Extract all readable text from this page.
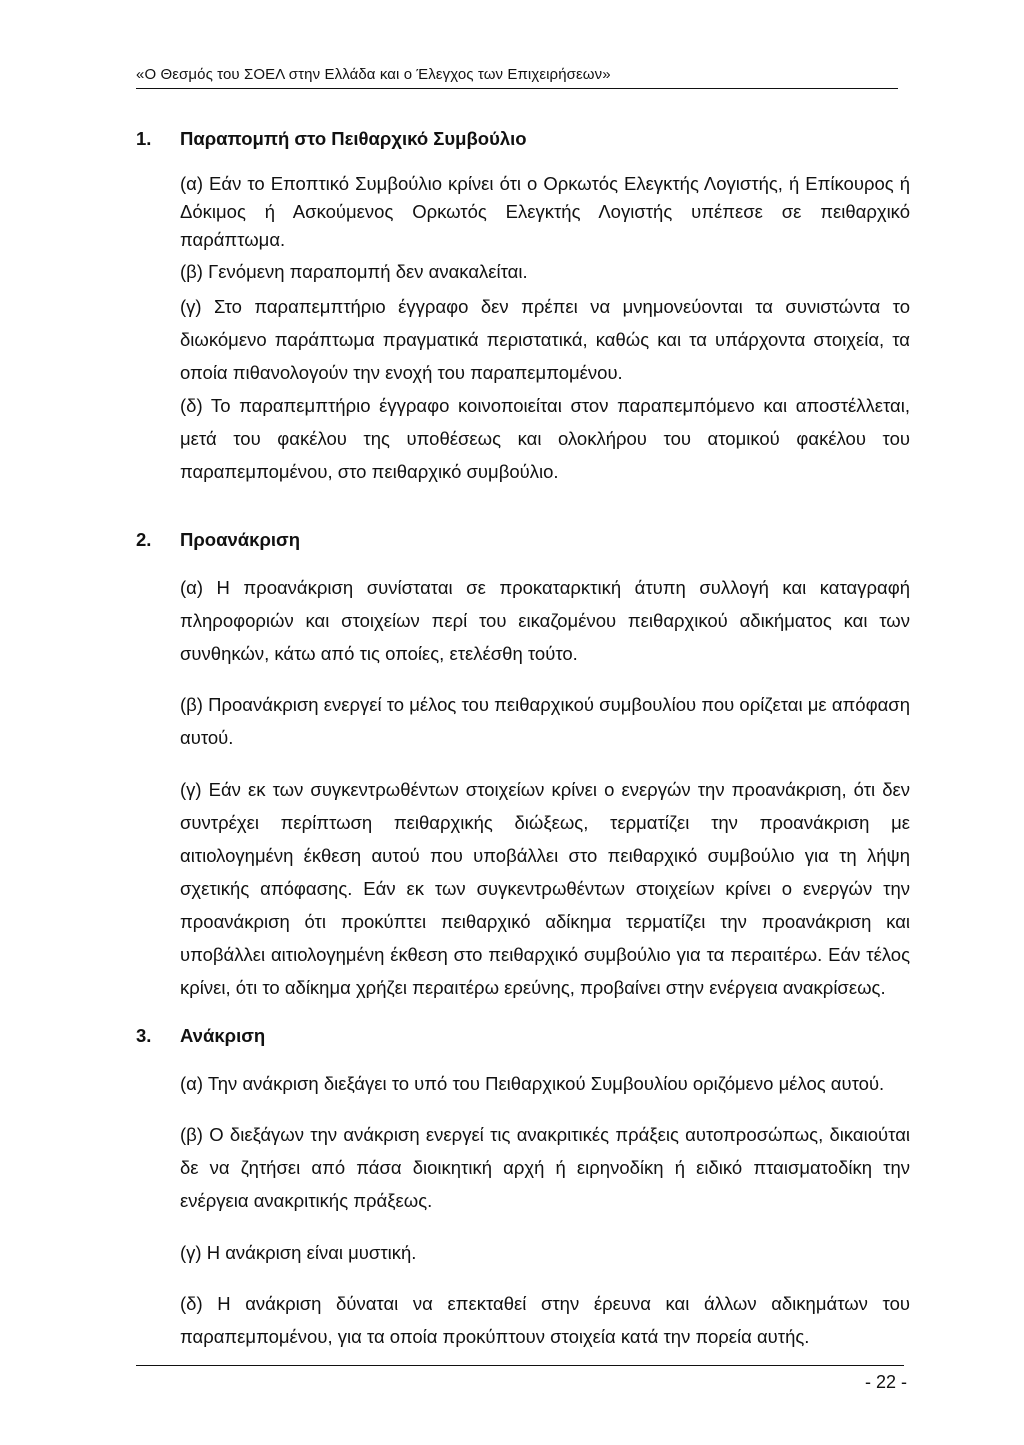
«Ο Θεσμός του ΣΟΕΛ στην Ελλάδα και ο Έλεγχος των Επιχειρήσεων»
1.	Παραπομπή στο Πειθαρχικό Συμβούλιο

(α) Εάν το Εποπτικό Συμβούλιο κρίνει ότι ο Ορκωτός Ελεγκτής Λογιστής, ή Επίκουρος ή Δόκιμος ή Ασκούμενος Ορκωτός Ελεγκτής Λογιστής υπέπεσε σε πειθαρχικό παράπτωμα.

(β) Γενόμενη παραπομπή δεν ανακαλείται.

(γ) Στο παραπεμπτήριο έγγραφο δεν πρέπει να μνημονεύονται τα συνιστώντα το διωκόμενο παράπτωμα πραγματικά περιστατικά, καθώς και τα υπάρχοντα στοιχεία, τα οποία πιθανολογούν την ενοχή του παραπεμπομένου.

(δ) Το παραπεμπτήριο έγγραφο κοινοποιείται στον παραπεμπόμενο και αποστέλλεται, μετά του φακέλου της υποθέσεως και ολοκλήρου του ατομικού φακέλου του παραπεμπομένου, στο πειθαρχικό συμβούλιο.

2.	Προανάκριση

(α) Η προανάκριση συνίσταται σε προκαταρκτική άτυπη συλλογή και καταγραφή πληροφοριών και στοιχείων περί του εικαζομένου πειθαρχικού αδικήματος και των συνθηκών, κάτω από τις οποίες, ετελέσθη τούτο.

(β) Προανάκριση ενεργεί το μέλος του πειθαρχικού συμβουλίου που ορίζεται με απόφαση αυτού.

(γ) Εάν εκ των συγκεντρωθέντων στοιχείων κρίνει ο ενεργών την προανάκριση, ότι δεν συντρέχει περίπτωση πειθαρχικής διώξεως, τερματίζει την προανάκριση με αιτιολογημένη έκθεση αυτού που υποβάλλει στο πειθαρχικό συμβούλιο για τη λήψη σχετικής απόφασης. Εάν εκ των συγκεντρωθέντων στοιχείων κρίνει ο ενεργών την προανάκριση ότι προκύπτει πειθαρχικό αδίκημα τερματίζει την προανάκριση και υποβάλλει αιτιολογημένη έκθεση στο πειθαρχικό συμβούλιο για τα περαιτέρω. Εάν τέλος κρίνει, ότι το αδίκημα χρήζει περαιτέρω ερεύνης, προβαίνει στην ενέργεια ανακρίσεως.

3.	Ανάκριση

(α) Την ανάκριση διεξάγει το υπό του Πειθαρχικού Συμβουλίου οριζόμενο μέλος αυτού.

(β) Ο διεξάγων την ανάκριση ενεργεί τις ανακριτικές πράξεις αυτοπροσώπως, δικαιούται δε να ζητήσει από πάσα διοικητική αρχή ή ειρηνοδίκη ή ειδικό πταισματοδίκη την ενέργεια ανακριτικής πράξεως.

(γ) Η ανάκριση είναι μυστική.

(δ) Η ανάκριση δύναται να επεκταθεί στην έρευνα και άλλων αδικημάτων του παραπεμπομένου, για τα οποία προκύπτουν στοιχεία κατά την πορεία αυτής.

- 22 -
